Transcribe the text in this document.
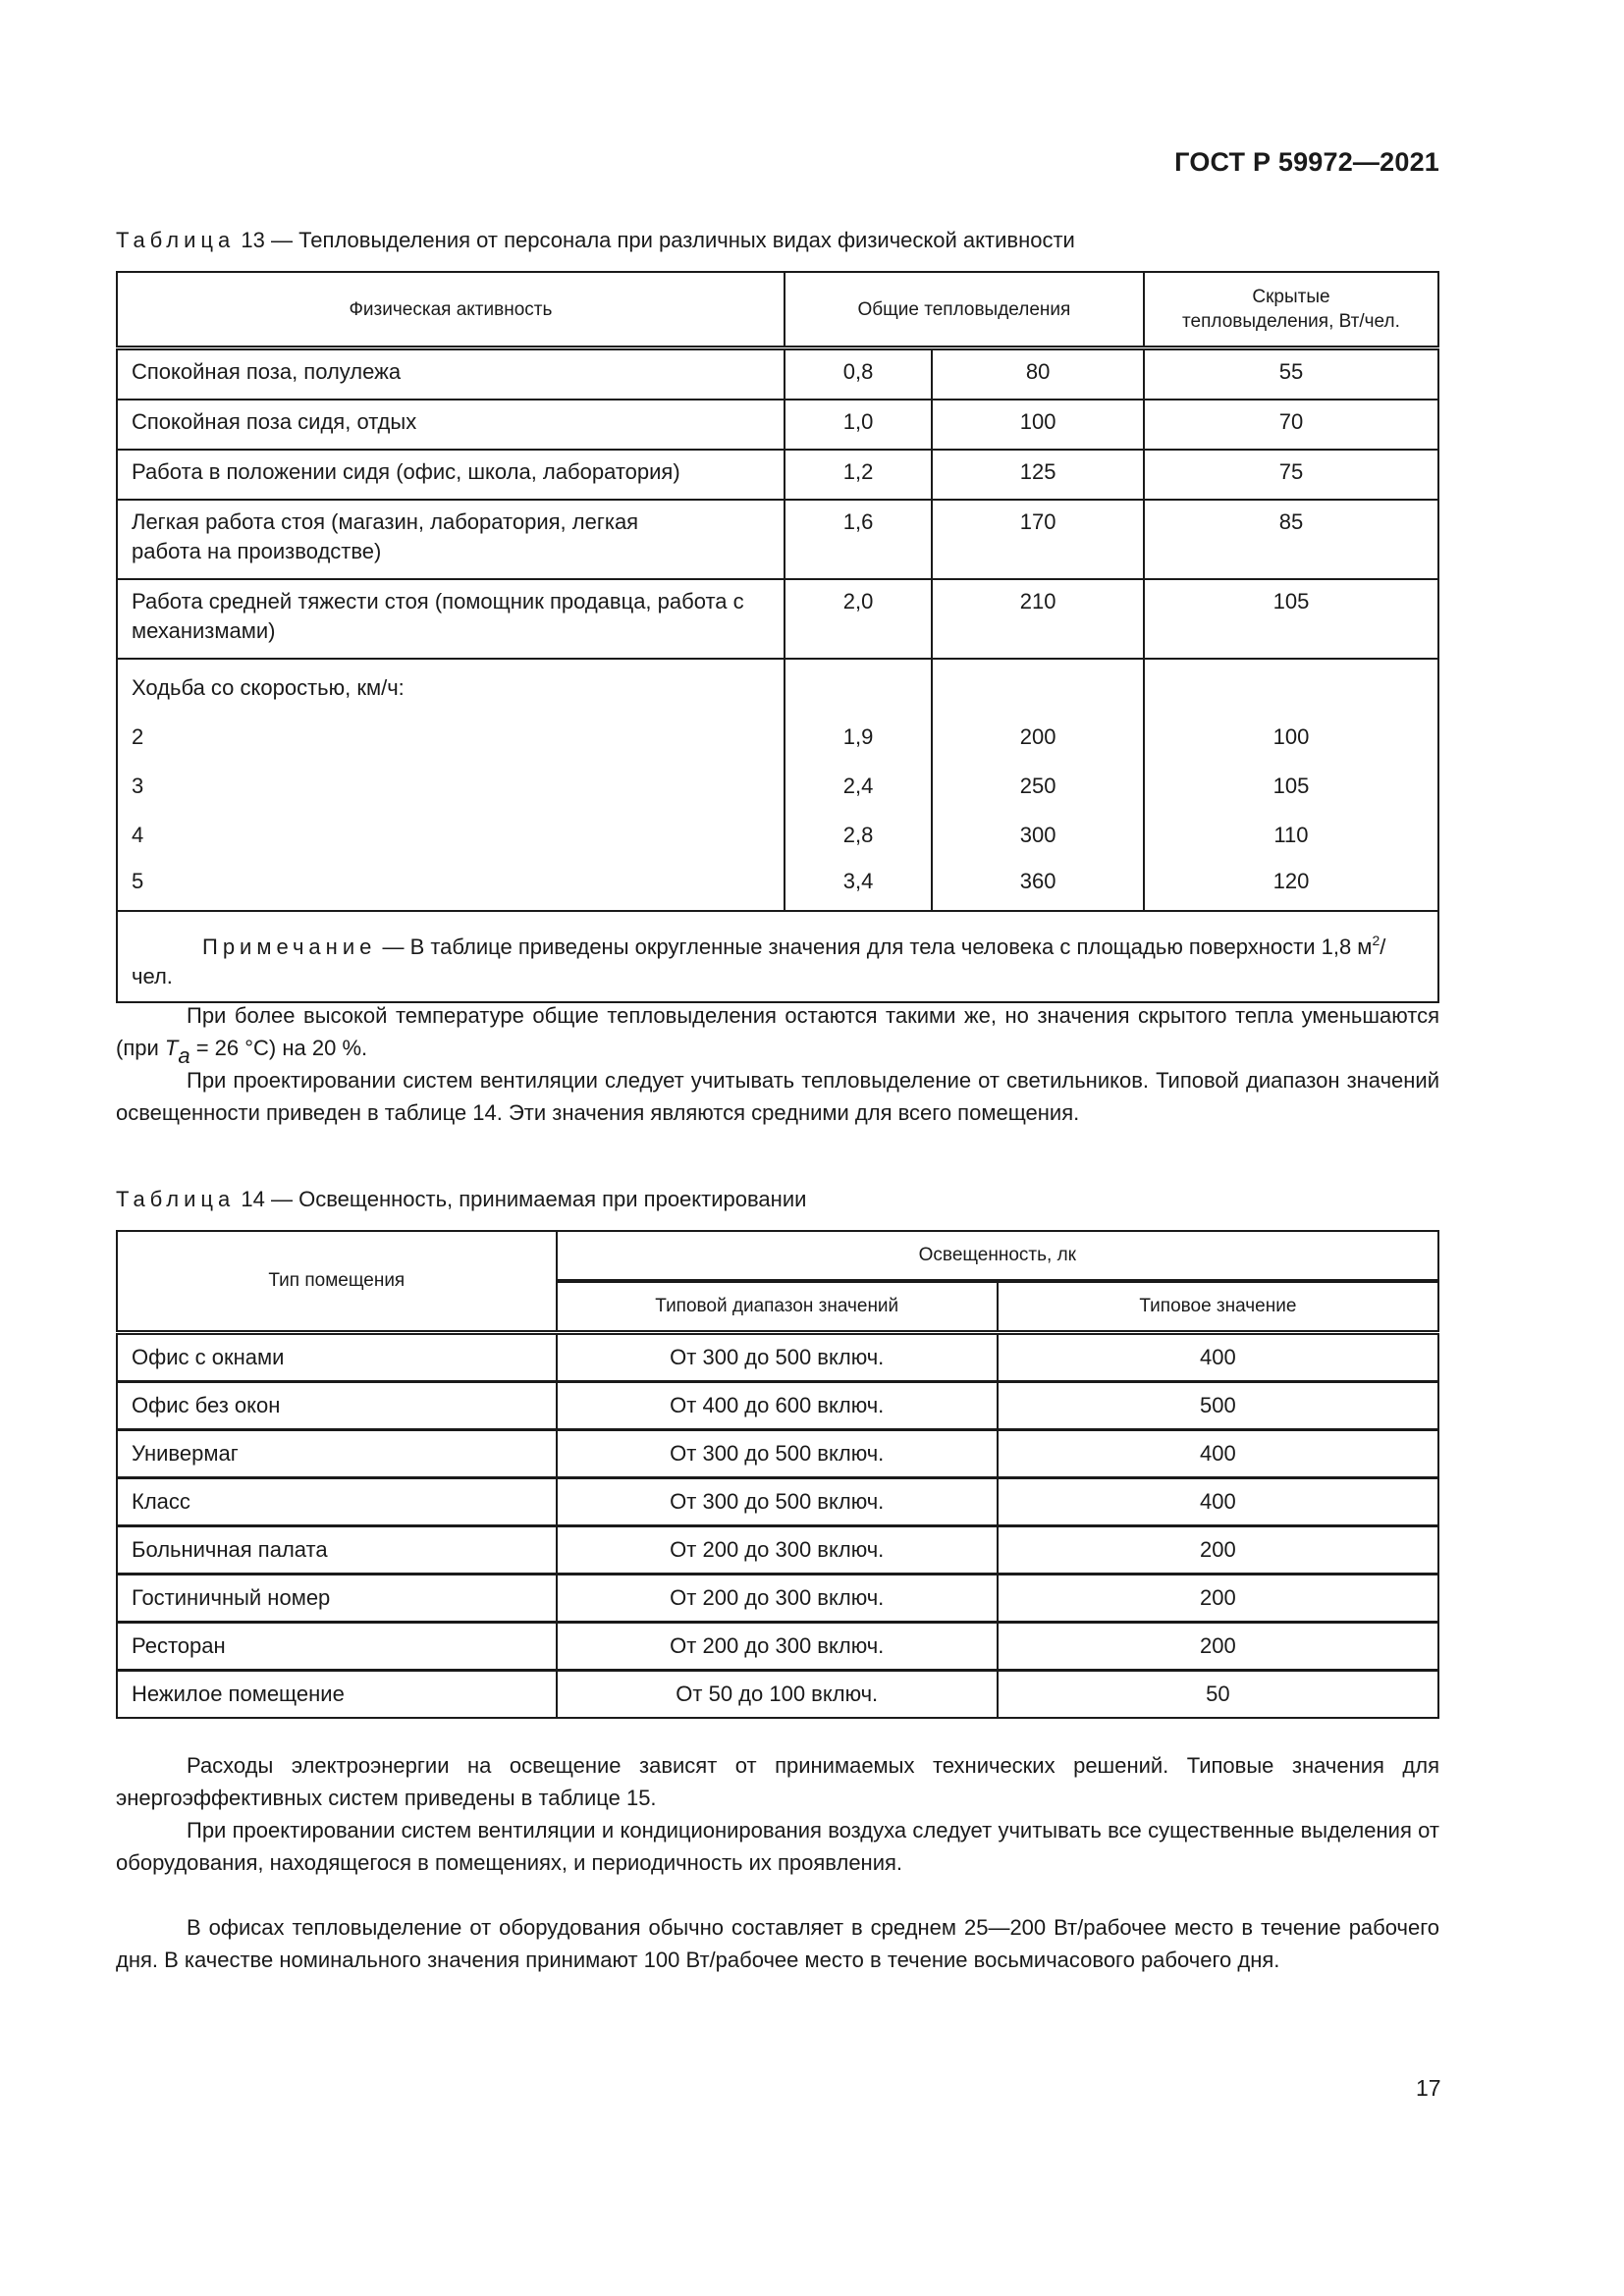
ГОСТ Р 59972—2021

Таблица 13 — Тепловыделения от персонала при различных видах физической активности

Физическая активность	Общие тепловыделения		Скрытые тепловыделения, Вт/чел.
Спокойная поза, полулежа	0,8	80	55
Спокойная поза сидя, отдых	1,0	100	70
Работа в положении сидя (офис, школа, лаборатория)	1,2	125	75
Легкая работа стоя (магазин, лаборатория, легкая работа на производстве)	1,6	170	85
Работа средней тяжести стоя (помощник продавца, работа с механизмами)	2,0	210	105
Ходьба со скоростью, км/ч:			
2	1,9	200	100
3	2,4	250	105
4	2,8	300	110
5	3,4	360	120
Примечание — В таблице приведены округленные значения для тела человека с площадью поверхности 1,8 $м^2$/чел.			

При более высокой температуре общие тепловыделения остаются такими же, но значения скрытого тепла уменьшаются (при $T_a = 26$ °C) на 20 %.

При проектировании систем вентиляции следует учитывать тепловыделение от светильников. Типовой диапазон значений освещенности приведен в таблице 14. Эти значения являются средними для всего помещения.

Таблица 14 — Освещенность, принимаемая при проектировании

Тип помещения	Освещенность, лк	
	Типовой диапазон значений	Типовое значение
Офис с окнами	От 300 до 500 включ.	400
Офис без окон	От 400 до 600 включ.	500
Универмаг	От 300 до 500 включ.	400
Класс	От 300 до 500 включ.	400
Больничная палата	От 200 до 300 включ.	200
Гостиничный номер	От 200 до 300 включ.	200
Ресторан	От 200 до 300 включ.	200
Нежилое помещение	От 50 до 100 включ.	50

Расходы электроэнергии на освещение зависят от принимаемых технических решений. Типовые значения для энергоэффективных систем приведены в таблице 15.

При проектировании систем вентиляции и кондиционирования воздуха следует учитывать все существенные выделения от оборудования, находящегося в помещениях, и периодичность их проявления.

В офисах тепловыделение от оборудования обычно составляет в среднем 25—200 Вт/рабочее место в течение рабочего дня. В качестве номинального значения принимают 100 Вт/рабочее место в течение восьмичасового рабочего дня.

17
